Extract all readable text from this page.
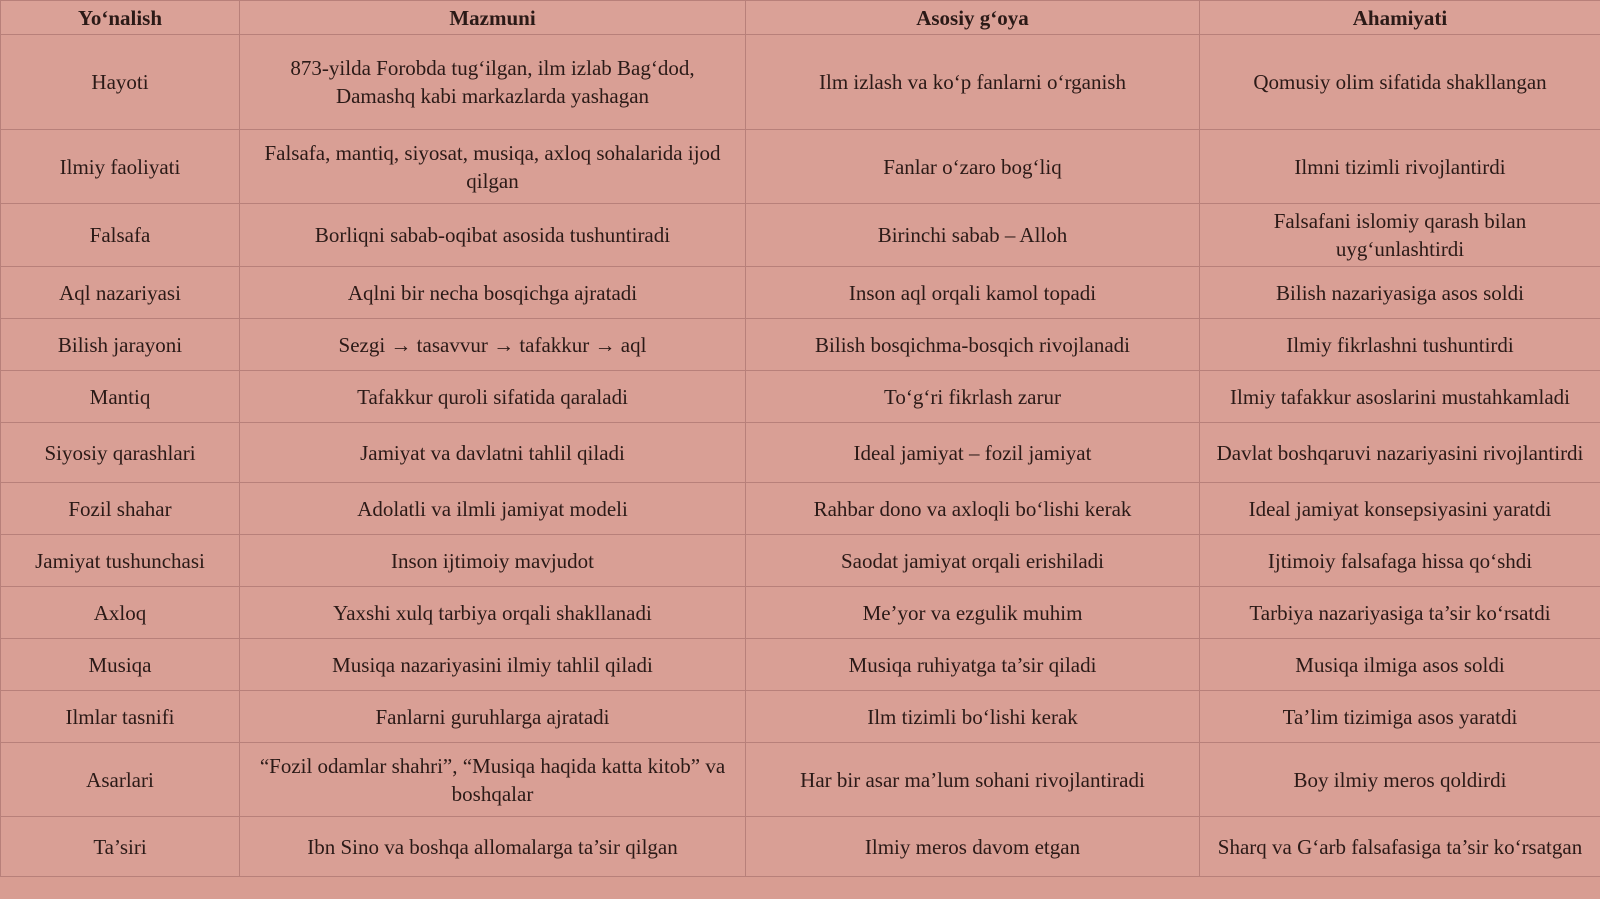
Yo‘nalish	Mazmuni	Asosiy g‘oya	Ahamiyati
Hayoti	873-yilda Forobda tug‘ilgan, ilm izlab Bag‘dod, Damashq kabi markazlarda yashagan	Ilm izlash va ko‘p fanlarni o‘rganish	Qomusiy olim sifatida shakllangan
Ilmiy faoliyati	Falsafa, mantiq, siyosat, musiqa, axloq sohalarida ijod qilgan	Fanlar o‘zaro bog‘liq	Ilmni tizimli rivojlantirdi
Falsafa	Borliqni sabab-oqibat asosida tushuntiradi	Birinchi sabab – Alloh	Falsafani islomiy qarash bilan uyg‘unlashtirdi
Aql nazariyasi	Aqlni bir necha bosqichga ajratadi	Inson aql orqali kamol topadi	Bilish nazariyasiga asos soldi
Bilish jarayoni	Sezgi → tasavvur → tafakkur → aql	Bilish bosqichma-bosqich rivojlanadi	Ilmiy fikrlashni tushuntirdi
Mantiq	Tafakkur quroli sifatida qaraladi	To‘g‘ri fikrlash zarur	Ilmiy tafakkur asoslarini mustahkamladi
Siyosiy qarashlari	Jamiyat va davlatni tahlil qiladi	Ideal jamiyat – fozil jamiyat	Davlat boshqaruvi nazariyasini rivojlantirdi
Fozil shahar	Adolatli va ilmli jamiyat modeli	Rahbar dono va axloqli bo‘lishi kerak	Ideal jamiyat konsepsiyasini yaratdi
Jamiyat tushunchasi	Inson ijtimoiy mavjudot	Saodat jamiyat orqali erishiladi	Ijtimoiy falsafaga hissa qo‘shdi
Axloq	Yaxshi xulq tarbiya orqali shakllanadi	Me’yor va ezgulik muhim	Tarbiya nazariyasiga ta’sir ko‘rsatdi
Musiqa	Musiqa nazariyasini ilmiy tahlil qiladi	Musiqa ruhiyatga ta’sir qiladi	Musiqa ilmiga asos soldi
Ilmlar tasnifi	Fanlarni guruhlarga ajratadi	Ilm tizimli bo‘lishi kerak	Ta’lim tizimiga asos yaratdi
Asarlari	“Fozil odamlar shahri”, “Musiqa haqida katta kitob” va boshqalar	Har bir asar ma’lum sohani rivojlantiradi	Boy ilmiy meros qoldirdi
Ta’siri	Ibn Sino va boshqa allomalarga ta’sir qilgan	Ilmiy meros davom etgan	Sharq va G‘arb falsafasiga ta’sir ko‘rsatgan
